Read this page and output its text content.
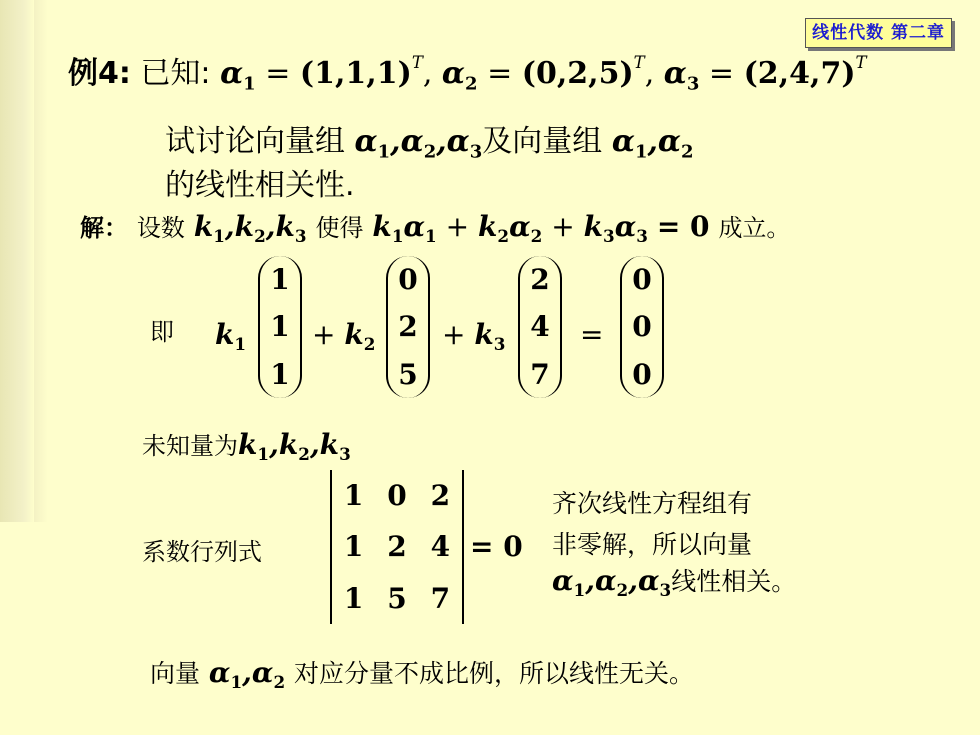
线性代数 第二章
例4: 已知: $\alpha_1 = (1,1,1)^T$, $\alpha_2 = (0,2,5)^T$, $\alpha_3 = (2,4,7)^T$
试讨论向量组 $\alpha_1,\alpha_2,\alpha_3$及向量组 $\alpha_1,\alpha_2$
的线性相关性.
解： 设数 $k_1,k_2,k_3$ 使得 $k_1\alpha_1 + k_2\alpha_2 + k_3\alpha_3 = 0$ 成立。
即 $k_1$
1
1
1
+ $k_2$
0
2
5
+ $k_3$
2
4
7
=
0
0
0
未知量为$k_1,k_2,k_3$
系数行列式
1 0 2
1 2 4
1 5 7
= 0
齐次线性方程组有
非零解，所以向量
$\alpha_1,\alpha_2,\alpha_3$线性相关。
向量 $\alpha_1,\alpha_2$ 对应分量不成比例，所以线性无关。
